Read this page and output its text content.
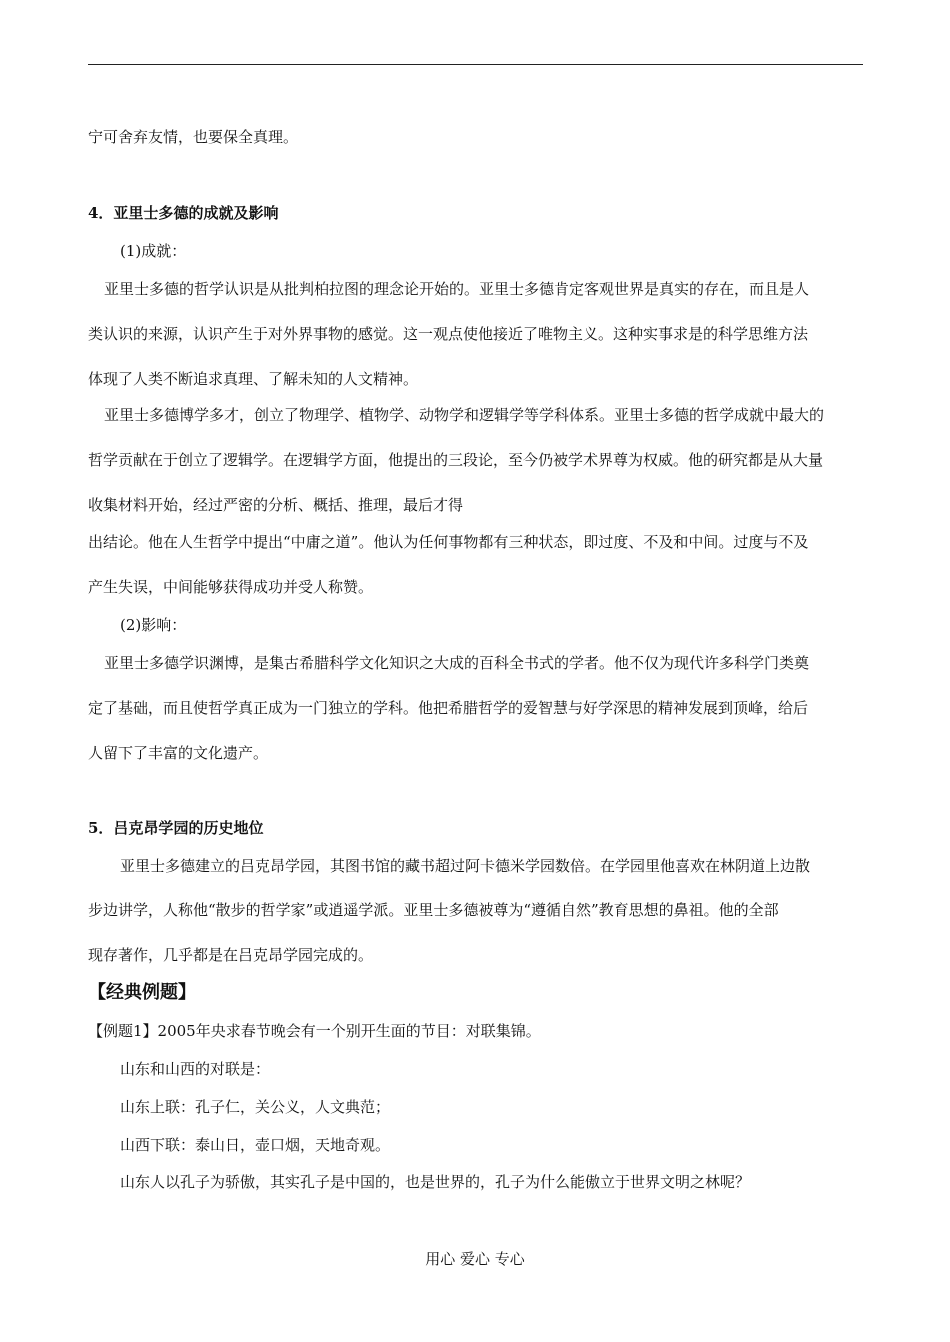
宁可舍弃友情，也要保全真理。
4．亚里士多德的成就及影响
(1)成就：
亚里士多德的哲学认识是从批判柏拉图的理念论开始的。亚里士多德肯定客观世界是真实的存在，而且是人
类认识的来源，认识产生于对外界事物的感觉。这一观点使他接近了唯物主义。这种实事求是的科学思维方法
体现了人类不断追求真理、了解未知的人文精神。
亚里士多德博学多才，创立了物理学、植物学、动物学和逻辑学等学科体系。亚里士多德的哲学成就中最大的
哲学贡献在于创立了逻辑学。在逻辑学方面，他提出的三段论，至今仍被学术界尊为权威。他的研究都是从大量
收集材料开始，经过严密的分析、概括、推理，最后才得
出结论。他在人生哲学中提出“中庸之道”。他认为任何事物都有三种状态，即过度、不及和中间。过度与不及
产生失误，中间能够获得成功并受人称赞。
(2)影响：
亚里士多德学识渊博，是集古希腊科学文化知识之大成的百科全书式的学者。他不仅为现代许多科学门类奠
定了基础，而且使哲学真正成为一门独立的学科。他把希腊哲学的爱智慧与好学深思的精神发展到顶峰，给后
人留下了丰富的文化遗产。
5．吕克昂学园的历史地位
亚里士多德建立的吕克昂学园，其图书馆的藏书超过阿卡德米学园数倍。在学园里他喜欢在林阴道上边散
步边讲学，人称他“散步的哲学家”或逍遥学派。亚里士多德被尊为“遵循自然”教育思想的鼻祖。他的全部
现存著作，几乎都是在吕克昂学园完成的。
【经典例题】
【例题1】2005年央求春节晚会有一个别开生面的节目：对联集锦。
山东和山西的对联是：
山东上联：孔子仁，关公义，人文典范；
山西下联：泰山日，壶口烟，天地奇观。
山东人以孔子为骄傲，其实孔子是中国的，也是世界的，孔子为什么能傲立于世界文明之林呢？
用心 爱心 专心
